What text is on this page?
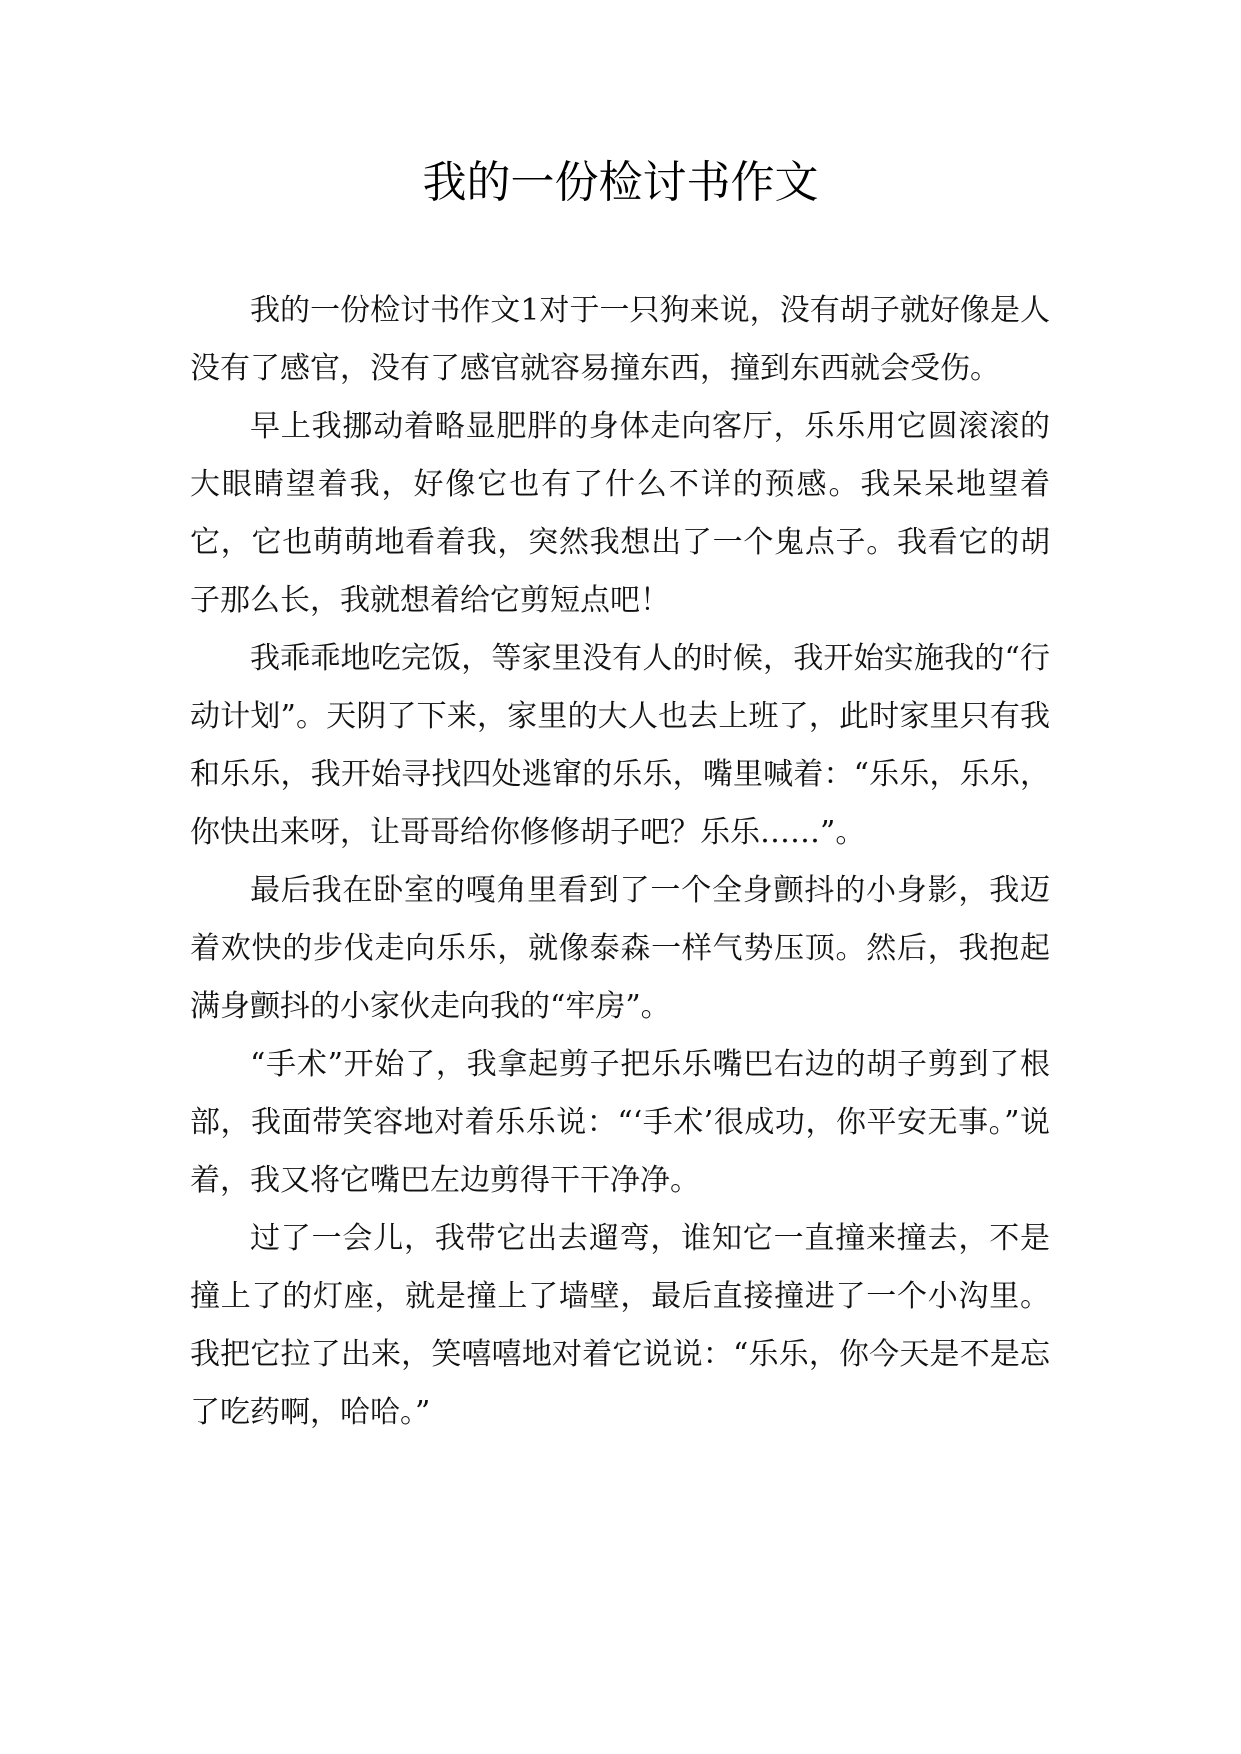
我的一份检讨书作文

我的一份检讨书作文1对于一只狗来说，没有胡子就好像是人没有了感官，没有了感官就容易撞东西，撞到东西就会受伤。

早上我挪动着略显肥胖的身体走向客厅，乐乐用它圆滚滚的大眼睛望着我，好像它也有了什么不详的预感。我呆呆地望着它，它也萌萌地看着我，突然我想出了一个鬼点子。我看它的胡子那么长，我就想着给它剪短点吧！

我乖乖地吃完饭，等家里没有人的时候，我开始实施我的“行动计划”。天阴了下来，家里的大人也去上班了，此时家里只有我和乐乐，我开始寻找四处逃窜的乐乐，嘴里喊着：“乐乐，乐乐，你快出来呀，让哥哥给你修修胡子吧？乐乐……”。

最后我在卧室的嘎角里看到了一个全身颤抖的小身影，我迈着欢快的步伐走向乐乐，就像泰森一样气势压顶。然后，我抱起满身颤抖的小家伙走向我的“牢房”。

“手术”开始了，我拿起剪子把乐乐嘴巴右边的胡子剪到了根部，我面带笑容地对着乐乐说：“‘手术’很成功，你平安无事。”说着，我又将它嘴巴左边剪得干干净净。

过了一会儿，我带它出去遛弯，谁知它一直撞来撞去，不是撞上了的灯座，就是撞上了墙壁，最后直接撞进了一个小沟里。我把它拉了出来，笑嘻嘻地对着它说说：“乐乐，你今天是不是忘了吃药啊，哈哈。”
